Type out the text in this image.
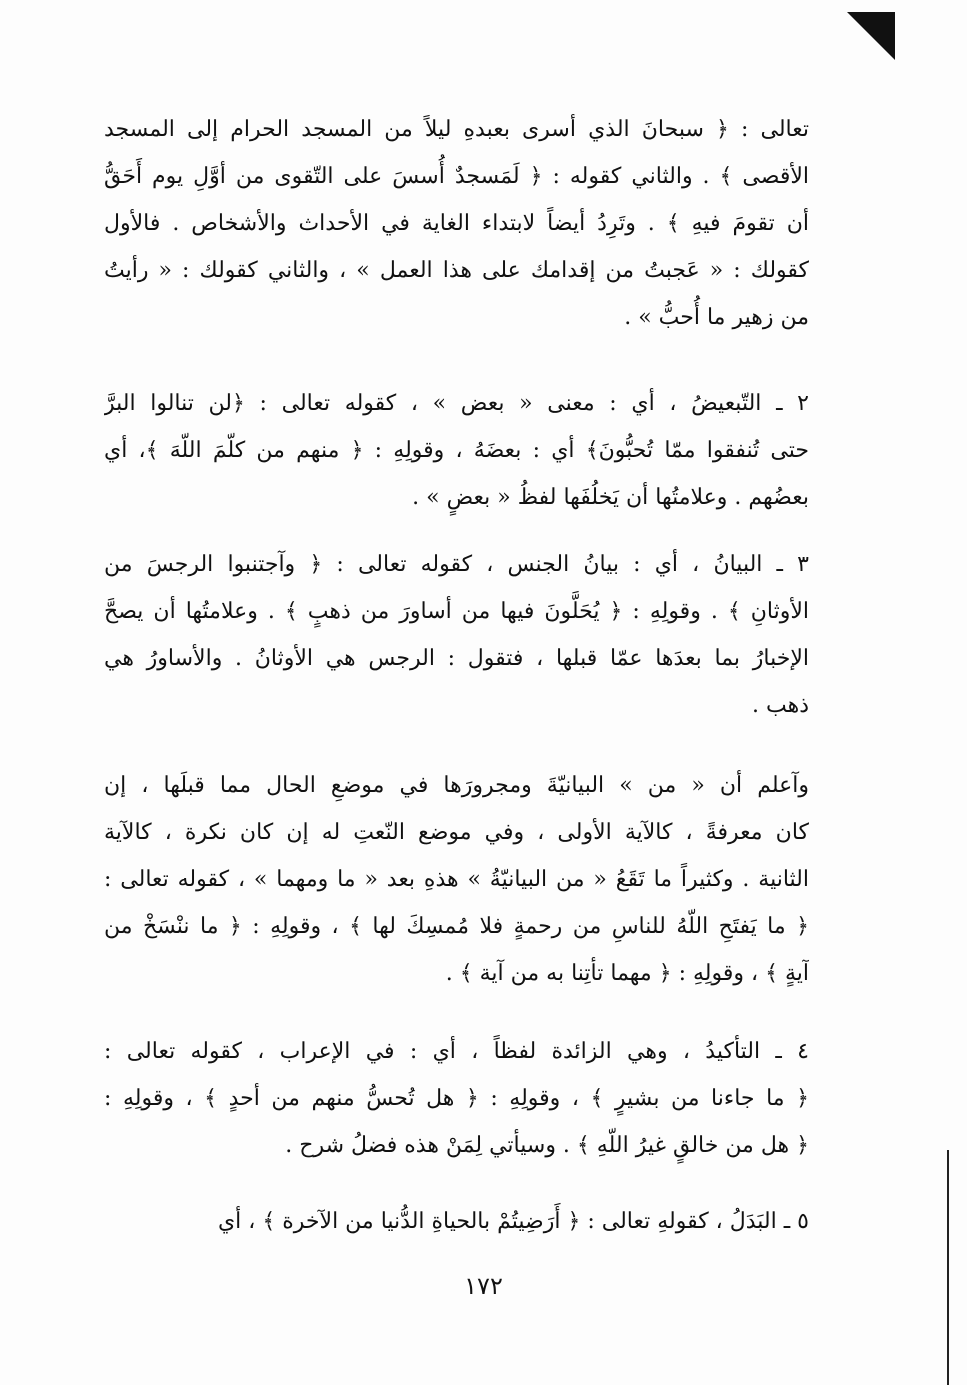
تعالى : ﴿ سبحانَ الذي أسرى بعبدهِ ليلاً من المسجد الحرام إلى المسجد
الأقصى ﴾ . والثاني كقوله : ﴿ لَمَسجدٌ أُسسَ على التّقوى من أوَّلِ يوم أَحَقُّ
أن تقومَ فيهِ ﴾ . وتَرِدُ أيضاً لابتداء الغاية في الأحداث والأشخاص . فالأول
كقولك : « عَجبتُ من إقدامك على هذا العمل » ، والثاني كقولك : « رأيتُ
من زهير ما أُحبُّ » .
٢ ـ التّبعيضُ ، أي : معنى « بعض » ، كقوله تعالى : ﴿لن تنالوا البرَّ
حتى تُنفقوا ممّا تُحبُّونَ﴾ أي : بعضَهُ ، وقولِهِ : ﴿ منهم من كلّمَ اللّهَ ﴾، أي
بعضُهم . وعلامتُها أن يَخلُفَها لفظُ « بعضٍ » .
٣ ـ البيانُ ، أي : بيانُ الجنس ، كقوله تعالى : ﴿ وآجتنبوا الرجسَ من
الأوثانِ ﴾ . وقولِهِ : ﴿ يُحَلَّونَ فيها من أساورَ من ذهبٍ ﴾ . وعلامتُها أن يصحَّ
الإخبارُ بما بعدَها عمّا قبلها ، فتقول : الرجس هي الأوثانُ . والأساورُ هي
ذهب .
وآعلم أن « من » البيانيّةَ ومجرورَها في موضعِ الحال مما قبلَها ، إن
كان معرفةً ، كالآية الأولى ، وفي موضع النّعتِ له إن كان نكرة ، كالآية
الثانية . وكثيراً ما تَقَعُ « من البيانيّةُ » هذهِ بعد « ما ومهما » ، كقوله تعالى :
﴿ ما يَفتَحِ اللّهُ للناسِ من رحمةٍ فلا مُمسِكَ لها ﴾ ، وقولِهِ : ﴿ ما ننْسَخْ من
آيةٍ ﴾ ، وقولِهِ : ﴿ مهما تأتِنا به من آية ﴾ .
٤ ـ التأكيدُ ، وهي الزائدة لفظاً ، أي : في الإعراب ، كقوله تعالى :
﴿ ما جاءنا من بشيرٍ ﴾ ، وقولِهِ : ﴿ هل تُحسُّ منهم من أحدٍ ﴾ ، وقولِهِ :
﴿ هل من خالقٍ غيرُ اللّهِ ﴾ . وسيأتي لِمَنْ هذه فضلُ شرح .
٥ ـ البَدَلُ ، كقولهِ تعالى : ﴿ أَرَضِيتُمْ بالحياةِ الدُّنيا من الآخرة ﴾ ، أي
١٧٢
